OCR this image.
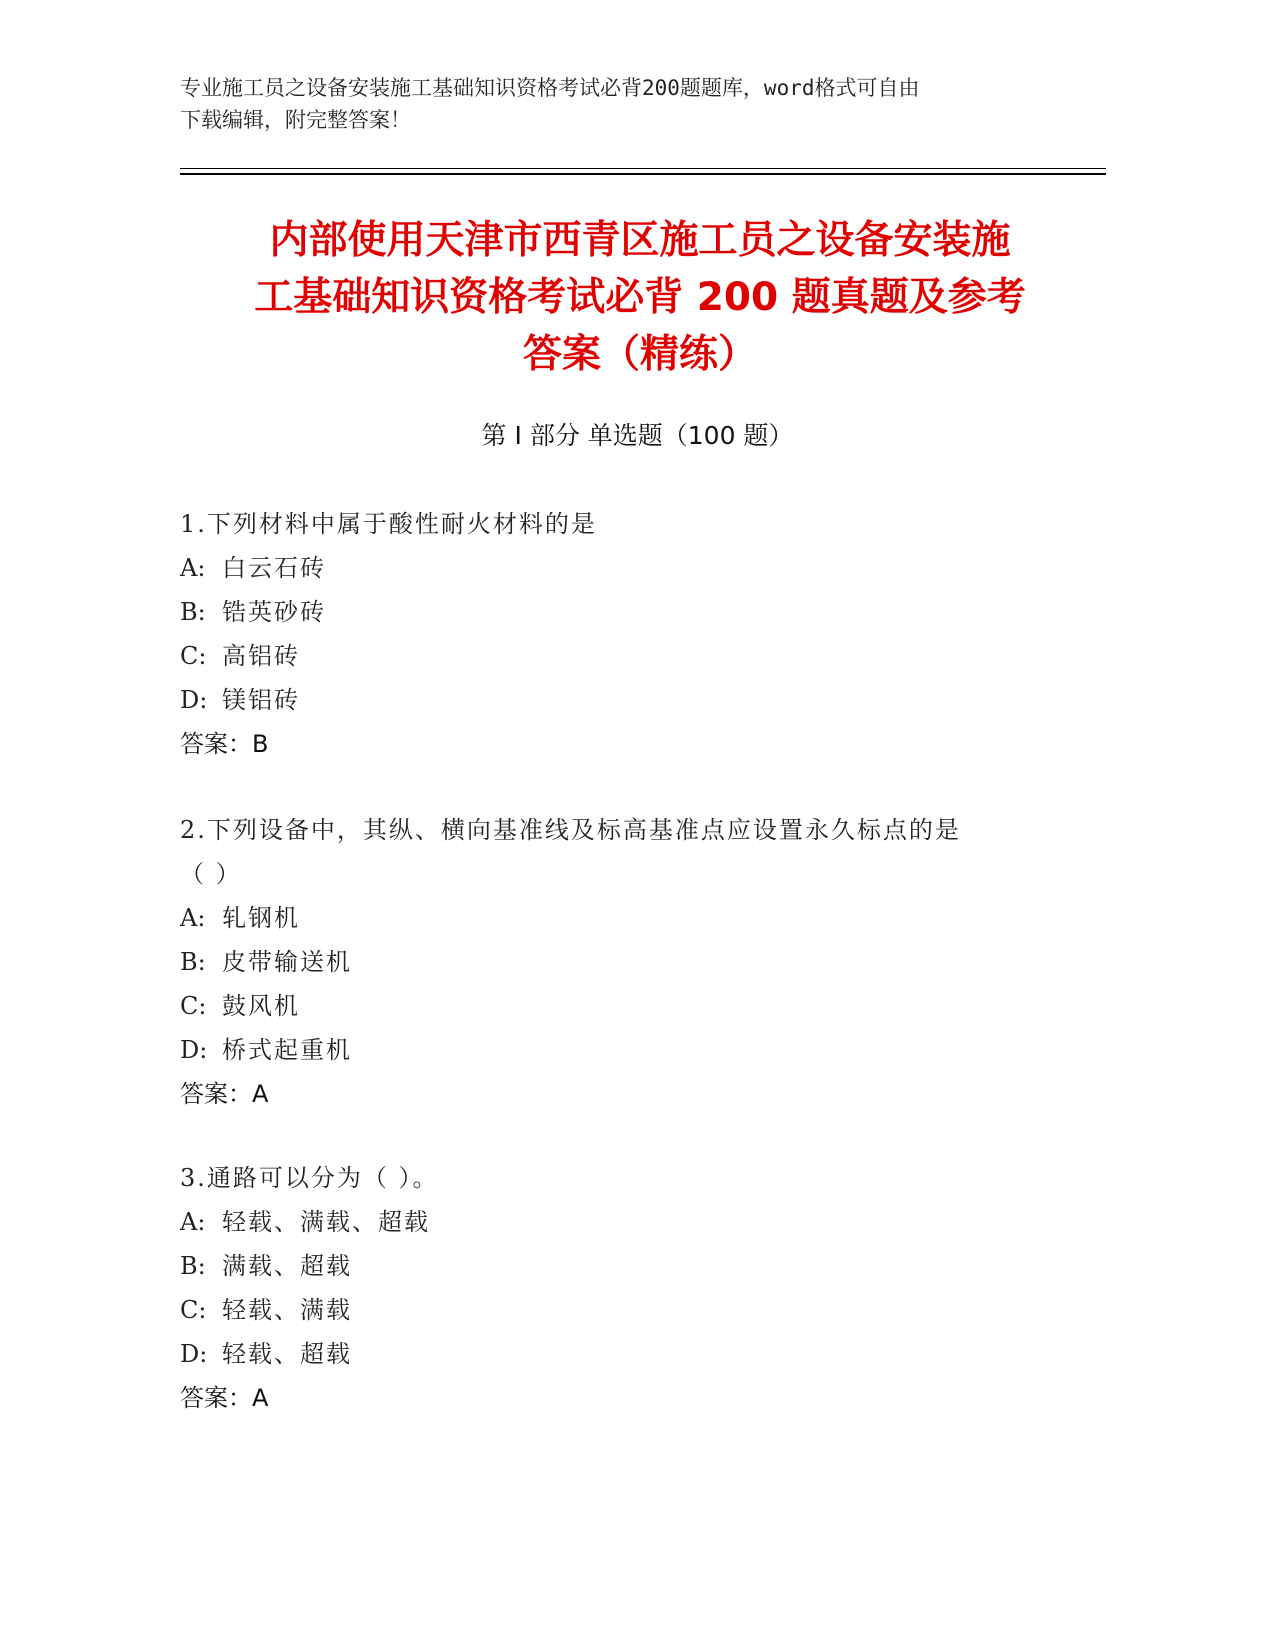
专业施工员之设备安装施工基础知识资格考试必背200题题库，word格式可自由
下载编辑，附完整答案！
内部使用天津市西青区施工员之设备安装施
工基础知识资格考试必背 200 题真题及参考
答案（精练）
第 I 部分 单选题（100 题）
1.下列材料中属于酸性耐火材料的是
A: 白云石砖
B: 锆英砂砖
C: 高铝砖
D: 镁铝砖
答案：B
2.下列设备中，其纵、横向基准线及标高基准点应设置永久标点的是
（ ）
A: 轧钢机
B: 皮带输送机
C: 鼓风机
D: 桥式起重机
答案：A
3.通路可以分为（ ）。
A: 轻载、满载、超载
B: 满载、超载
C: 轻载、满载
D: 轻载、超载
答案：A
